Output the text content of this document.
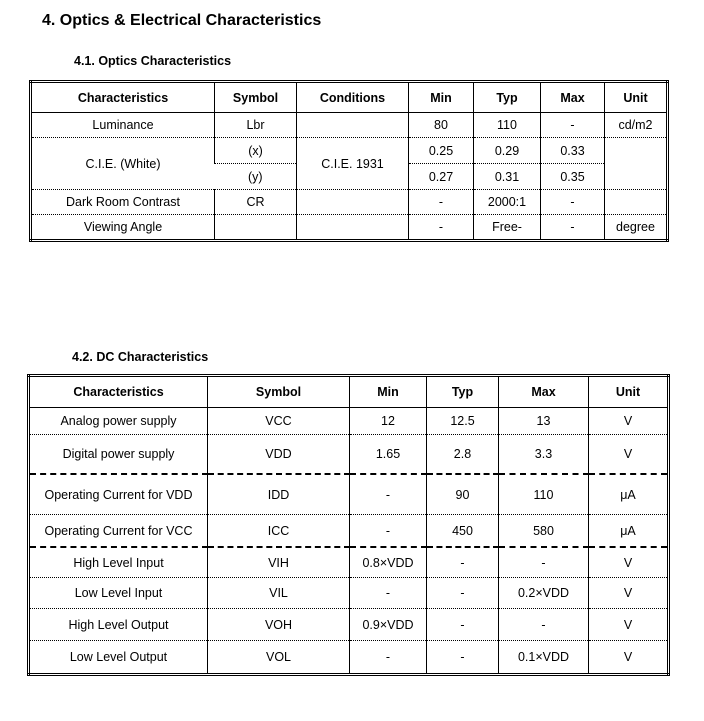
4. Optics & Electrical Characteristics
4.1. Optics Characteristics
Characteristics	Symbol	Conditions	Min	Typ	Max	Unit
Luminance	Lbr		80	110	-	cd/m2
C.I.E. (White)	(x)	C.I.E. 1931	0.25	0.29	0.33	
	(y)		0.27	0.31	0.35	
Dark Room Contrast	CR		-	2000:1	-	
Viewing Angle			-	Free-	-	degree
4.2. DC Characteristics
Characteristics	Symbol	Min	Typ	Max	Unit
Analog power supply	VCC	12	12.5	13	V
Digital power supply	VDD	1.65	2.8	3.3	V
Operating Current for VDD	IDD	-	90	110	μA
Operating Current for VCC	ICC	-	450	580	μA
High Level Input	VIH	0.8×VDD	-	-	V
Low Level Input	VIL	-	-	0.2×VDD	V
High Level Output	VOH	0.9×VDD	-	-	V
Low Level Output	VOL	-	-	0.1×VDD	V
